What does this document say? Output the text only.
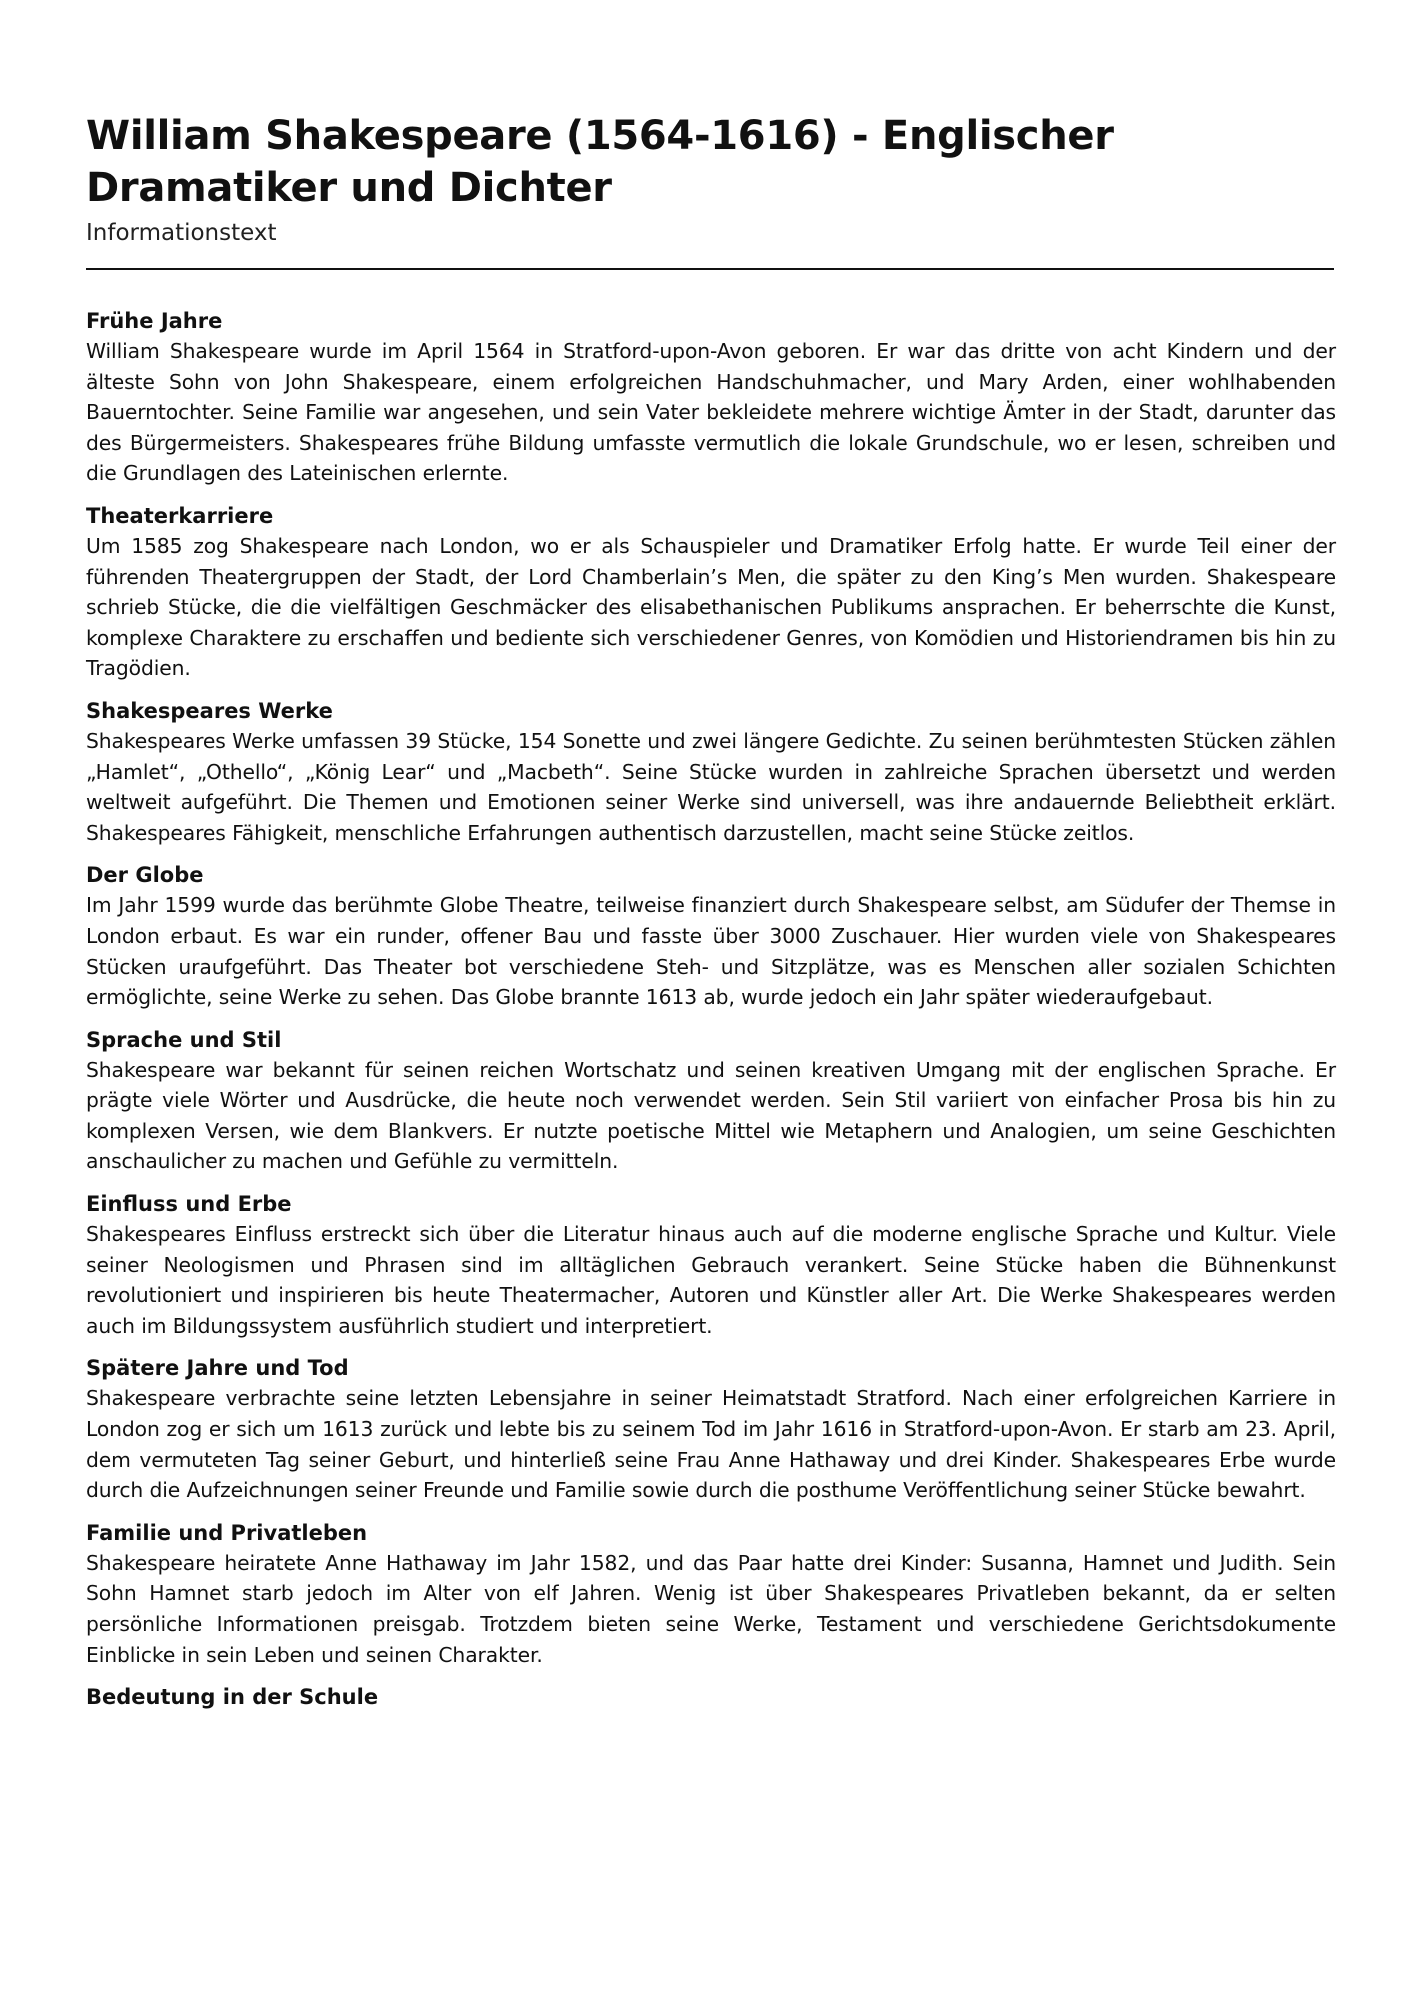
William Shakespeare (1564-1616) - Englischer Dramatiker und Dichter

Informationstext

Frühe Jahre

William Shakespeare wurde im April 1564 in Stratford-upon-Avon geboren. Er war das dritte von acht Kindern und der älteste Sohn von John Shakespeare, einem erfolgreichen Handschuhmacher, und Mary Arden, einer wohlhabenden Bauerntochter. Seine Familie war angesehen, und sein Vater bekleidete mehrere wichtige Ämter in der Stadt, darunter das des Bürgermeisters. Shakespeares frühe Bildung umfasste vermutlich die lokale Grundschule, wo er lesen, schreiben und die Grundlagen des Lateinischen erlernte.

Theaterkarriere

Um 1585 zog Shakespeare nach London, wo er als Schauspieler und Dramatiker Erfolg hatte. Er wurde Teil einer der führenden Theatergruppen der Stadt, der Lord Chamberlain’s Men, die später zu den King’s Men wurden. Shakespeare schrieb Stücke, die die vielfältigen Geschmäcker des elisabethanischen Publikums ansprachen. Er beherrschte die Kunst, komplexe Charaktere zu erschaffen und bediente sich verschiedener Genres, von Komödien und Historiendramen bis hin zu Tragödien.

Shakespeares Werke

Shakespeares Werke umfassen 39 Stücke, 154 Sonette und zwei längere Gedichte. Zu seinen berühmtesten Stücken zählen „Hamlet“, „Othello“, „König Lear“ und „Macbeth“. Seine Stücke wurden in zahlreiche Sprachen übersetzt und werden weltweit aufgeführt. Die Themen und Emotionen seiner Werke sind universell, was ihre andauernde Beliebtheit erklärt. Shakespeares Fähigkeit, menschliche Erfahrungen authentisch darzustellen, macht seine Stücke zeitlos.

Der Globe

Im Jahr 1599 wurde das berühmte Globe Theatre, teilweise finanziert durch Shakespeare selbst, am Südufer der Themse in London erbaut. Es war ein runder, offener Bau und fasste über 3000 Zuschauer. Hier wurden viele von Shakespeares Stücken uraufgeführt. Das Theater bot verschiedene Steh- und Sitzplätze, was es Menschen aller sozialen Schichten ermöglichte, seine Werke zu sehen. Das Globe brannte 1613 ab, wurde jedoch ein Jahr später wiederaufgebaut.

Sprache und Stil

Shakespeare war bekannt für seinen reichen Wortschatz und seinen kreativen Umgang mit der englischen Sprache. Er prägte viele Wörter und Ausdrücke, die heute noch verwendet werden. Sein Stil variiert von einfacher Prosa bis hin zu komplexen Versen, wie dem Blankvers. Er nutzte poetische Mittel wie Metaphern und Analogien, um seine Geschichten anschaulicher zu machen und Gefühle zu vermitteln.

Einfluss und Erbe

Shakespeares Einfluss erstreckt sich über die Literatur hinaus auch auf die moderne englische Sprache und Kultur. Viele seiner Neologismen und Phrasen sind im alltäglichen Gebrauch verankert. Seine Stücke haben die Bühnenkunst revolutioniert und inspirieren bis heute Theatermacher, Autoren und Künstler aller Art. Die Werke Shakespeares werden auch im Bildungssystem ausführlich studiert und interpretiert.

Spätere Jahre und Tod

Shakespeare verbrachte seine letzten Lebensjahre in seiner Heimatstadt Stratford. Nach einer erfolgreichen Karriere in London zog er sich um 1613 zurück und lebte bis zu seinem Tod im Jahr 1616 in Stratford-upon-Avon. Er starb am 23. April, dem vermuteten Tag seiner Geburt, und hinterließ seine Frau Anne Hathaway und drei Kinder. Shakespeares Erbe wurde durch die Aufzeichnungen seiner Freunde und Familie sowie durch die posthume Veröffentlichung seiner Stücke bewahrt.

Familie und Privatleben

Shakespeare heiratete Anne Hathaway im Jahr 1582, und das Paar hatte drei Kinder: Susanna, Hamnet und Judith. Sein Sohn Hamnet starb jedoch im Alter von elf Jahren. Wenig ist über Shakespeares Privatleben bekannt, da er selten persönliche Informationen preisgab. Trotzdem bieten seine Werke, Testament und verschiedene Gerichtsdokumente Einblicke in sein Leben und seinen Charakter.

Bedeutung in der Schule
